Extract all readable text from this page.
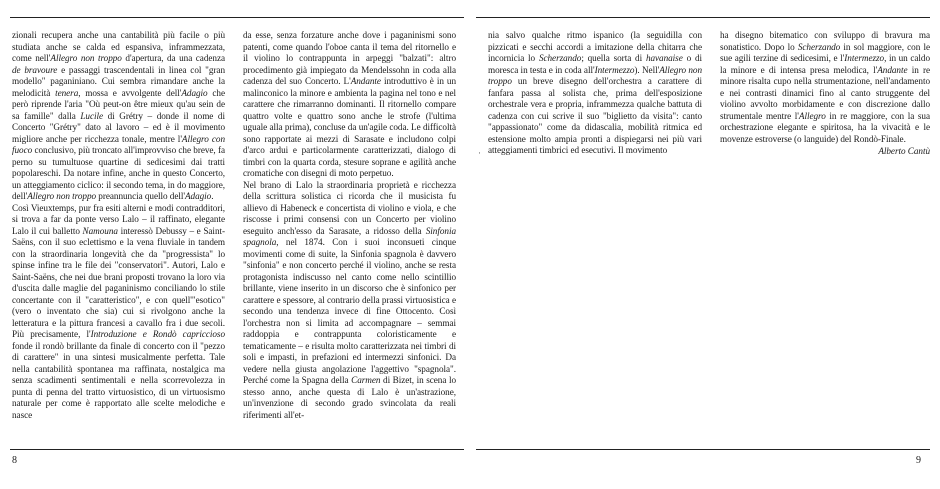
zionali recupera anche una cantabilità più facile o più studiata anche se calda ed espansiva, inframmezzata, come nell'Allegro non troppo d'apertura, da una cadenza de bravoure e passaggi trascendentali in linea col "gran modello" paganiniano. Cui sembra rimandare anche la melodicità tenera, mossa e avvolgente dell'Adagio che però riprende l'aria "Où peut-on être mieux qu'au sein de sa famille" dalla Lucile di Grétry – donde il nome di Concerto "Grétry" dato al lavoro – ed è il movimento migliore anche per ricchezza tonale, mentre l'Allegro con fuoco conclusivo, più troncato all'improvviso che breve, fa perno su tumultuose quartine di sedicesimi dai tratti popolareschi. Da notare infine, anche in questo Concerto, un atteggiamento ciclico: il secondo tema, in do maggiore, dell'Allegro non troppo preannuncia quello dell'Adagio.

Così Vieuxtemps, pur fra esiti alterni e modi contradditori, si trova a far da ponte verso Lalo – il raffinato, elegante Lalo il cui balletto Namouna interessò Debussy – e Saint-Saëns, con il suo eclettismo e la vena fluviale in tandem con la straordinaria longevità che da "progressista" lo spinse infine tra le file dei "conservatori". Autori, Lalo e Saint-Saëns, che nei due brani proposti trovano la loro via d'uscita dalle maglie del paganinismo conciliando lo stile concertante con il "caratteristico", e con quell'"esotico" (vero o inventato che sia) cui si rivolgono anche la letteratura e la pittura francesi a cavallo fra i due secoli. Più precisamente, l'Introduzione e Rondò capriccioso fonde il rondò brillante da finale di concerto con il "pezzo di carattere" in una sintesi musicalmente perfetta. Tale nella cantabilità spontanea ma raffinata, nostalgica ma senza scadimenti sentimentali e nella scorrevolezza in punta di penna del tratto virtuosistico, di un virtuosismo naturale per come è rapportato alle scelte melodiche e nasce

da esse, senza forzature anche dove i paganinismi sono patenti, come quando l'oboe canta il tema del ritornello e il violino lo contrappunta in arpeggi "balzati": altro procedimento già impiegato da Mendelssohn in coda alla cadenza del suo Concerto. L'Andante introduttivo è in un malinconico la minore e ambienta la pagina nel tono e nel carattere che rimarranno dominanti. Il ritornello compare quattro volte e quattro sono anche le strofe (l'ultima uguale alla prima), concluse da un'agile coda. Le difficoltà sono rapportate ai mezzi di Sarasate e includono colpi d'arco ardui e particolarmente caratterizzati, dialogo di timbri con la quarta corda, stesure soprane e agilità anche cromatiche con disegni di moto perpetuo.

Nel brano di Lalo la straordinaria proprietà e ricchezza della scrittura solistica ci ricorda che il musicista fu allievo di Habeneck e concertista di violino e viola, e che riscosse i primi consensi con un Concerto per violino eseguito anch'esso da Sarasate, a ridosso della Sinfonia spagnola, nel 1874. Con i suoi inconsueti cinque movimenti come di suite, la Sinfonia spagnola è davvero "sinfonia" e non concerto perché il violino, anche se resta protagonista indiscusso nel canto come nello scintillio brillante, viene inserito in un discorso che è sinfonico per carattere e spessore, al contrario della prassi virtuosistica e secondo una tendenza invece di fine Ottocento. Così l'orchestra non si limita ad accompagnare – semmai raddoppia e contrappunta coloristicamente e tematicamente – e risulta molto caratterizzata nei timbri di soli e impasti, in prefazioni ed intermezzi sinfonici. Da vedere nella giusta angolazione l'aggettivo "spagnola". Perché come la Spagna della Carmen di Bizet, in scena lo stesso anno, anche questa di Lalo è un'astrazione, un'invenzione di secondo grado svincolata da reali riferimenti all'et-

8
·

nia salvo qualche ritmo ispanico (la seguidilla con pizzicati e secchi accordi a imitazione della chitarra che incornicia lo Scherzando; quella sorta di havanaise o di moresca in testa e in coda all'Intermezzo). Nell'Allegro non troppo un breve disegno dell'orchestra a carattere di fanfara passa al solista che, prima dell'esposizione orchestrale vera e propria, inframmezza qualche battuta di cadenza con cui scrive il suo "biglietto da visita": canto "appassionato" come da didascalia, mobilità ritmica ed estensione molto ampia pronti a dispiegarsi nei più vari atteggiamenti timbrici ed esecutivi. Il movimento

ha disegno bitematico con sviluppo di bravura ma sonatistico. Dopo lo Scherzando in sol maggiore, con le sue agili terzine di sedicesimi, e l'Intermezzo, in un caldo la minore e di intensa presa melodica, l'Andante in re minore risalta cupo nella strumentazione, nell'andamento e nei contrasti dinamici fino al canto struggente del violino avvolto morbidamente e con discrezione dallo strumentale mentre l'Allegro in re maggiore, con la sua orchestrazione elegante e spiritosa, ha la vivacità e le movenze estroverse (o languide) del Rondò-Finale.

Alberto Cantù
9
